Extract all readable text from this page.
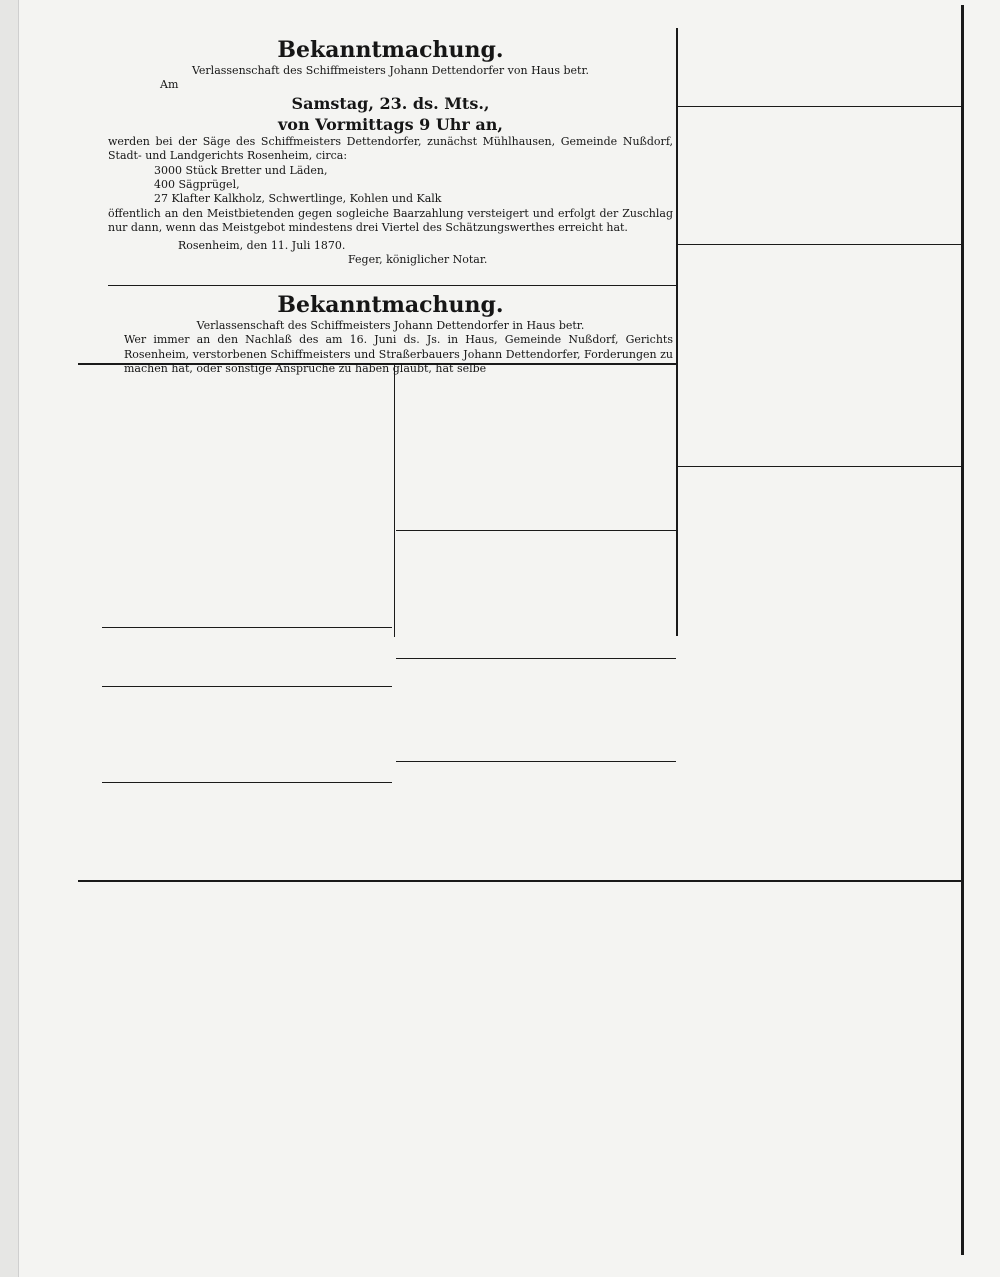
Bekanntmachung.

Verlassenschaft des Schiffmeisters Johann Dettendorfer von Haus betr.

Am

Samstag, 23. ds. Mts.,

von Vormittags 9 Uhr an,

werden bei der Säge des Schiffmeisters Dettendorfer, zunächst Mühlhausen, Gemeinde Nußdorf, Stadt- und Landgerichts Rosenheim, circa:

3000 Stück Bretter und Läden,

400 Sägprügel,

27 Klafter Kalkholz, Schwertlinge, Kohlen und Kalk

öffentlich an den Meistbietenden gegen sogleiche Baarzahlung versteigert und erfolgt der Zuschlag nur dann, wenn das Meistgebot mindestens drei Viertel des Schätzungswerthes erreicht hat.

Rosenheim, den 11. Juli 1870.

Feger, königlicher Notar.

Bekanntmachung.

Verlassenschaft des Schiffmeisters Johann Dettendorfer in Haus betr.

Wer immer an den Nachlaß des am 16. Juni ds. Js. in Haus, Gemeinde Nußdorf, Gerichts Rosenheim, verstorbenen Schiffmeisters und Straßerbauers Johann Dettendorfer, Forderungen zu machen hat, oder sonstige Ansprüche zu haben glaubt, hat selbe
